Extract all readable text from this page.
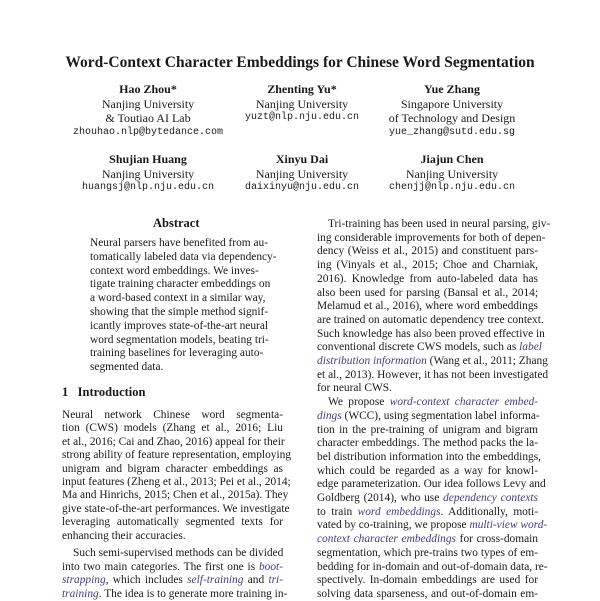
Word-Context Character Embeddings for Chinese Word Segmentation
Hao Zhou*
Nanjing University
& Toutiao AI Lab
zhouhao.nlp@bytedance.com
Zhenting Yu*
Nanjing University
yuzt@nlp.nju.edu.cn
Yue Zhang
Singapore University
of Technology and Design
yue_zhang@sutd.edu.sg
Shujian Huang
Nanjing University
huangsj@nlp.nju.edu.cn
Xinyu Dai
Nanjing University
daixinyu@nju.edu.cn
Jiajun Chen
Nanjing University
chenjj@nlp.nju.edu.cn
Abstract
1   Introduction
Neural parsers have benefited from au-
tomatically labeled data via dependency-
context word embeddings. We inves-
tigate training character embeddings on
a word-based context in a similar way,
showing that the simple method signif-
icantly improves state-of-the-art neural
word segmentation models, beating tri-
training baselines for leveraging auto-
segmented data.
Neural network Chinese word segmenta-
tion (CWS) models (Zhang et al., 2016; Liu
et al., 2016; Cai and Zhao, 2016) appeal for their
strong ability of feature representation, employing
unigram and bigram character embeddings as
input features (Zheng et al., 2013; Pei et al., 2014;
Ma and Hinrichs, 2015; Chen et al., 2015a). They
give state-of-the-art performances. We investigate
leveraging automatically segmented texts for
enhancing their accuracies.
Such semi-supervised methods can be divided
into two main categories. The first one is boot-
strapping, which includes self-training and tri-
training. The idea is to generate more training in-
Tri-training has been used in neural parsing, giv-
ing considerable improvements for both of depen-
dency (Weiss et al., 2015) and constituent pars-
ing (Vinyals et al., 2015; Choe and Charniak,
2016). Knowledge from auto-labeled data has
also been used for parsing (Bansal et al., 2014;
Melamud et al., 2016), where word embeddings
are trained on automatic dependency tree context.
Such knowledge has also been proved effective in
conventional discrete CWS models, such as label
distribution information (Wang et al., 2011; Zhang
et al., 2013). However, it has not been investigated
for neural CWS.
We propose word-context character embed-
dings (WCC), using segmentation label informa-
tion in the pre-training of unigram and bigram
character embeddings. The method packs the la-
bel distribution information into the embeddings,
which could be regarded as a way for knowl-
edge parameterization. Our idea follows Levy and
Goldberg (2014), who use dependency contexts
to train word embeddings. Additionally, moti-
vated by co-training, we propose multi-view word-
context character embeddings for cross-domain
segmentation, which pre-trains two types of em-
bedding for in-domain and out-of-domain data, re-
spectively. In-domain embeddings are used for
solving data sparseness, and out-of-domain em-
